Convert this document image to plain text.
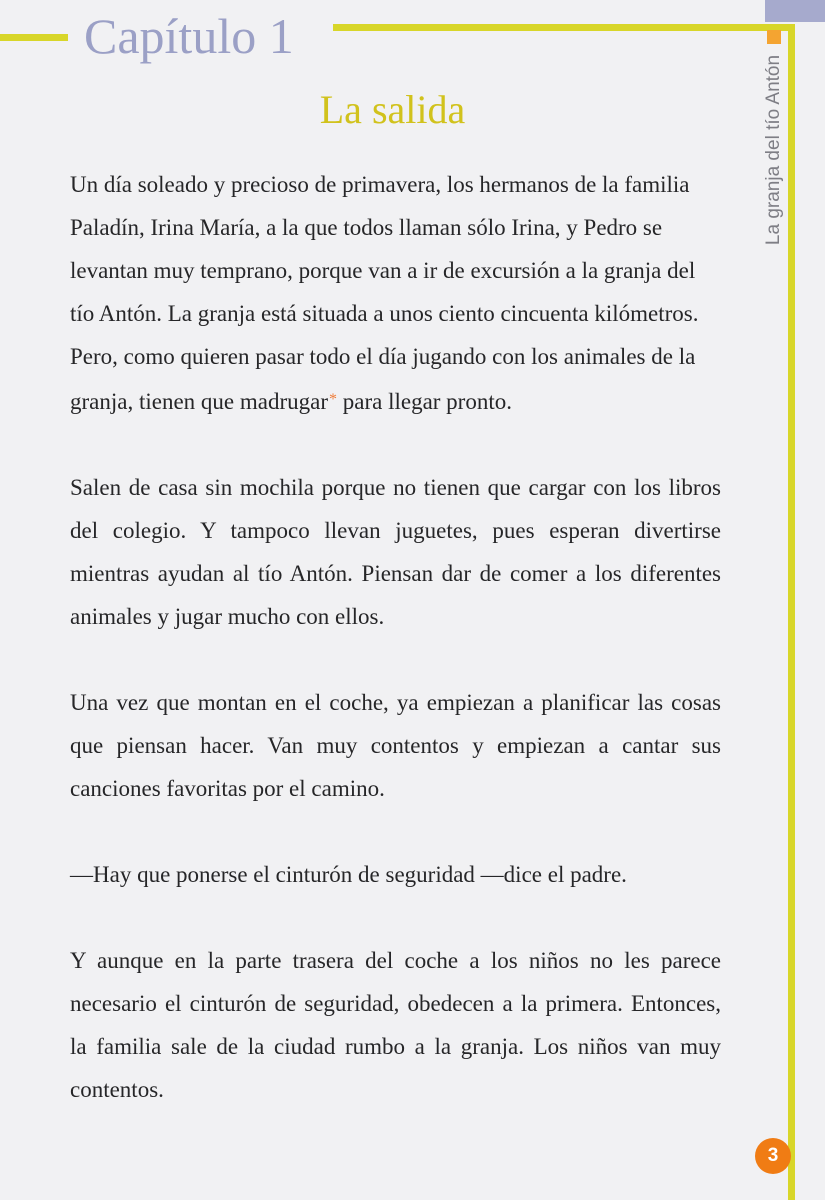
Capítulo 1
La granja del tío Antón
La salida

Un día soleado y precioso de primavera, los hermanos de la familia Paladín, Irina María, a la que todos llaman sólo Irina, y Pedro se levantan muy temprano, porque van a ir de excursión a la granja del tío Antón. La granja está situada a unos ciento cincuenta kilómetros. Pero, como quieren pasar todo el día jugando con los animales de la granja, tienen que madrugar* para llegar pronto.

Salen de casa sin mochila porque no tienen que cargar con los libros del colegio. Y tampoco llevan juguetes, pues esperan divertirse mientras ayudan al tío Antón. Piensan dar de comer a los diferentes animales y jugar mucho con ellos.

Una vez que montan en el coche, ya empiezan a planificar las cosas que piensan hacer. Van muy contentos y empiezan a cantar sus canciones favoritas por el camino.

—Hay que ponerse el cinturón de seguridad —dice el padre.

Y aunque en la parte trasera del coche a los niños no les parece necesario el cinturón de seguridad, obedecen a la primera. Entonces, la familia sale de la ciudad rumbo a la granja. Los niños van muy contentos.

3
